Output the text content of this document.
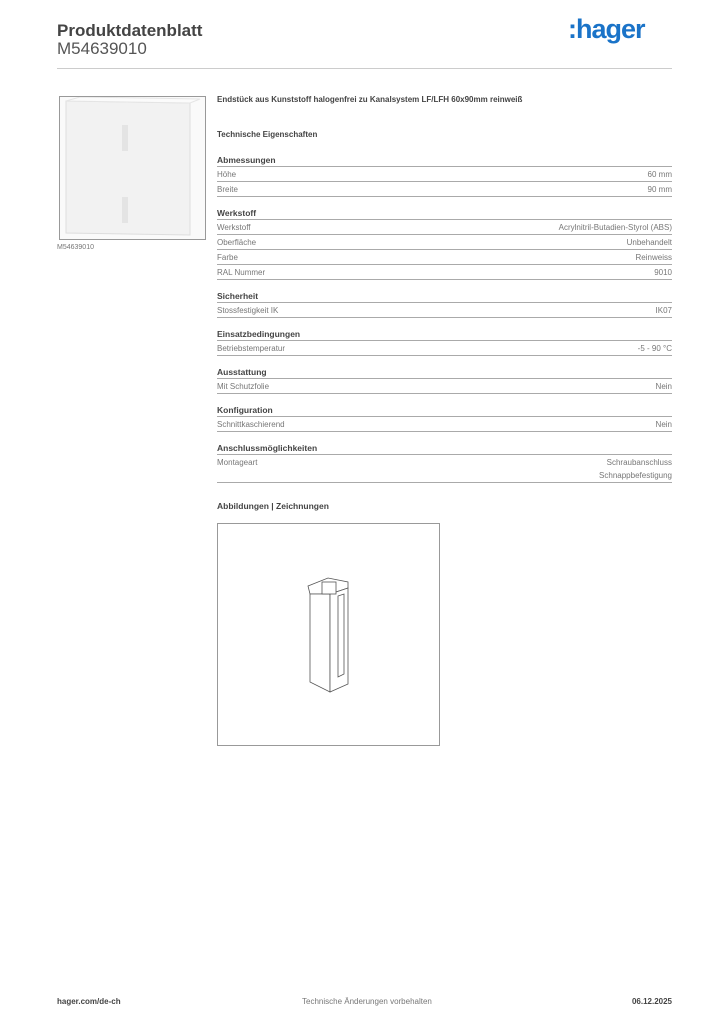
Produktdatenblatt
M54639010
:hager
M54639010
Endstück aus Kunststoff halogenfrei zu Kanalsystem LF/LFH 60x90mm reinweiß
Technische Eigenschaften
Abmessungen
Höhe	60 mm
Breite	90 mm
Werkstoff
Werkstoff	Acrylnitril-Butadien-Styrol (ABS)
Oberfläche	Unbehandelt
Farbe	Reinweiss
RAL Nummer	9010
Sicherheit
Stossfestigkeit IK	IK07
Einsatzbedingungen
Betriebstemperatur	-5 - 90 °C
Ausstattung
Mit Schutzfolie	Nein
Konfiguration
Schnittkaschierend	Nein
Anschlussmöglichkeiten
Montageart	Schraubanschluss
Schnappbefestigung
Abbildungen | Zeichnungen
hager.com/de-ch	Technische Änderungen vorbehalten	06.12.2025
